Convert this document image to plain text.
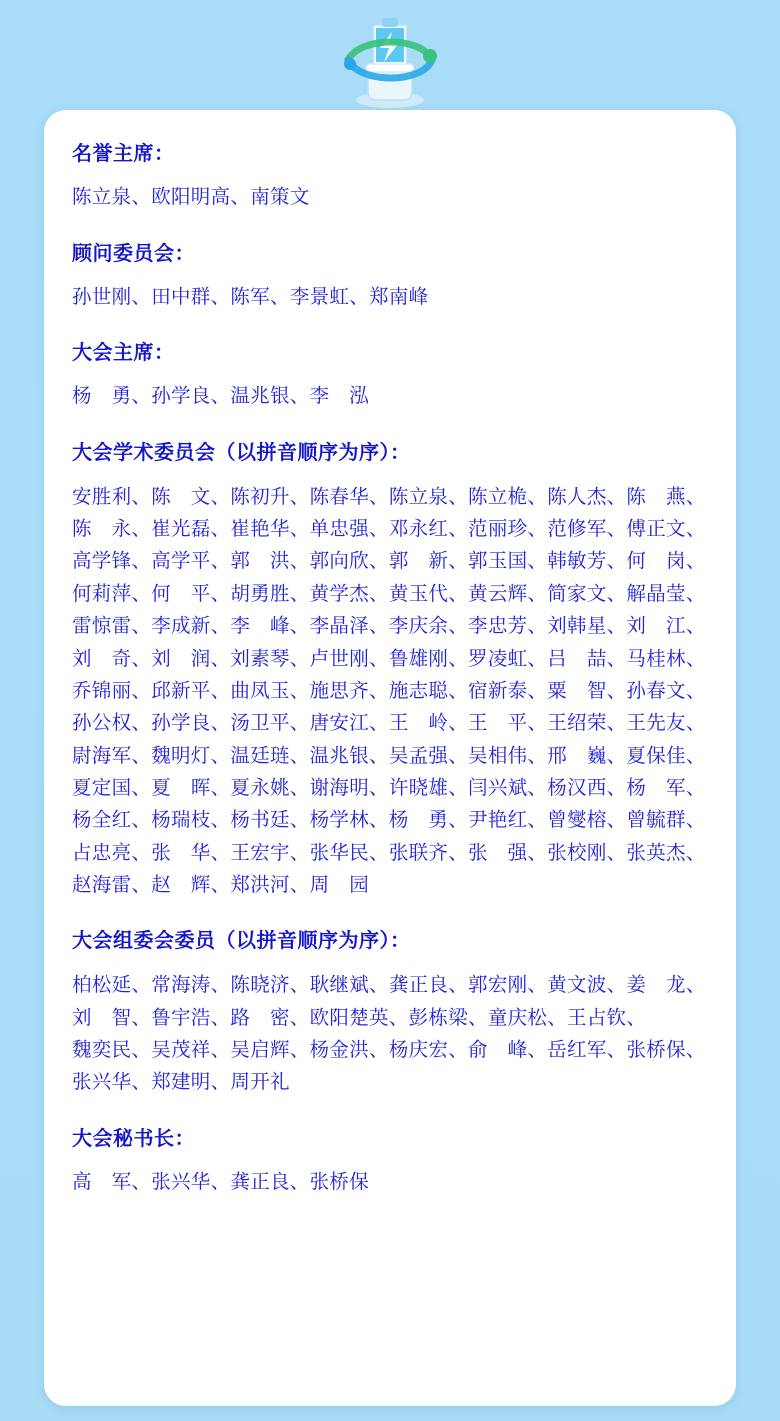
名誉主席：

陈立泉、欧阳明高、南策文

顾问委员会：

孙世刚、田中群、陈军、李景虹、郑南峰

大会主席：

杨　勇、孙学良、温兆银、李　泓

大会学术委员会（以拼音顺序为序）：

安胜利、陈　文、陈初升、陈春华、陈立泉、陈立桅、陈人杰、陈　燕、陈　永、崔光磊、崔艳华、单忠强、邓永红、范丽珍、范修军、傅正文、高学锋、高学平、郭　洪、郭向欣、郭　新、郭玉国、韩敏芳、何　岗、何莉萍、何　平、胡勇胜、黄学杰、黄玉代、黄云辉、简家文、解晶莹、雷惊雷、李成新、李　峰、李晶泽、李庆余、李忠芳、刘韩星、刘　江、刘　奇、刘　润、刘素琴、卢世刚、鲁雄刚、罗凌虹、吕　喆、马桂林、乔锦丽、邱新平、曲凤玉、施思齐、施志聪、宿新泰、粟　智、孙春文、孙公权、孙学良、汤卫平、唐安江、王　岭、王　平、王绍荣、王先友、尉海军、魏明灯、温廷琏、温兆银、吴孟强、吴相伟、邢　巍、夏保佳、夏定国、夏　晖、夏永姚、谢海明、许晓雄、闫兴斌、杨汉西、杨　军、杨全红、杨瑞枝、杨书廷、杨学林、杨　勇、尹艳红、曾燮榕、曾毓群、占忠亮、张　华、王宏宇、张华民、张联齐、张　强、张校刚、张英杰、赵海雷、赵　辉、郑洪河、周　园

大会组委会委员（以拼音顺序为序）：

柏松延、常海涛、陈晓济、耿继斌、龚正良、郭宏刚、黄文波、姜　龙、刘　智、鲁宇浩、路　密、欧阳楚英、彭栋梁、童庆松、王占钦、魏奕民、吴茂祥、吴启辉、杨金洪、杨庆宏、俞　峰、岳红军、张桥保、张兴华、郑建明、周开礼

大会秘书长：

高　军、张兴华、龚正良、张桥保
